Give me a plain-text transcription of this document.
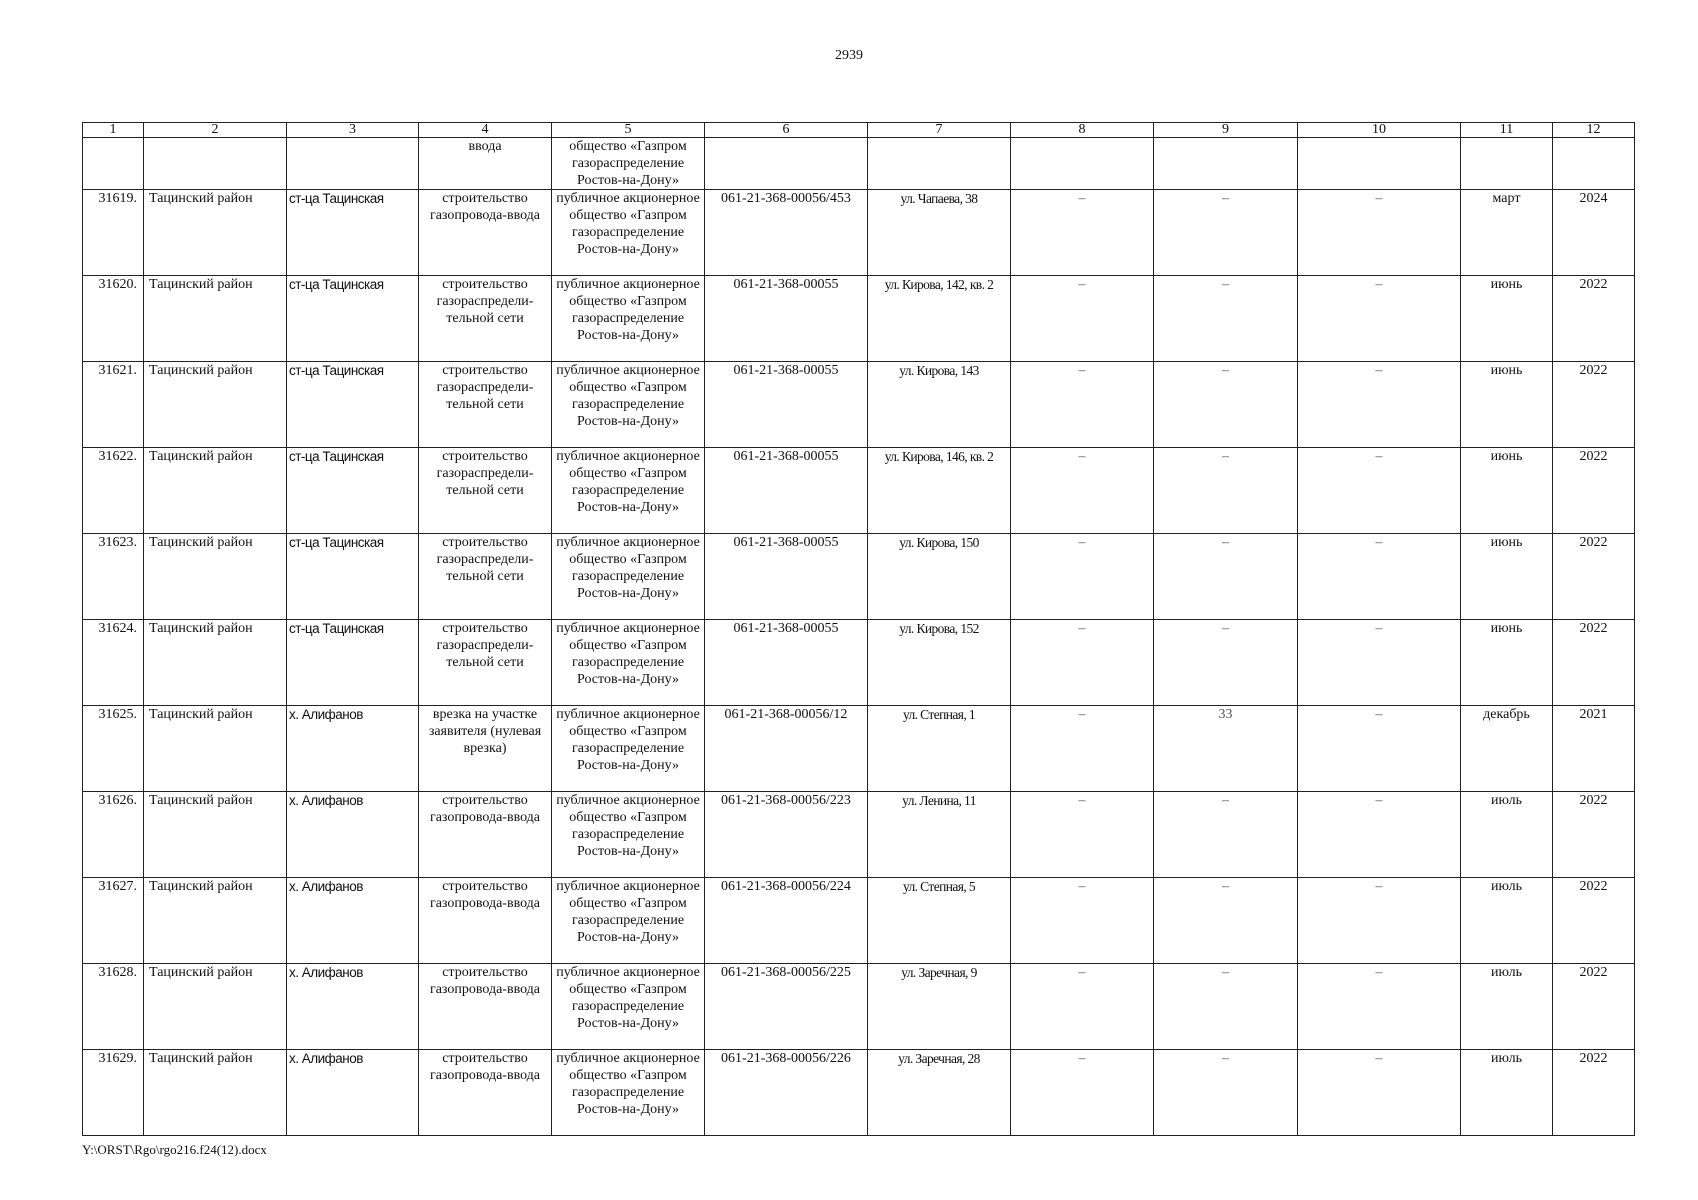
2939
1	2	3	4	5	6	7	8	9	10	11	12
			ввода	общество «Газпром газораспределение Ростов-на-Дону»							
31619.	Тацинский район	ст-ца Тацинская	строительство газопровода-ввода	публичное акционерное общество «Газпром газораспределение Ростов-на-Дону»	061-21-368-00056/453	ул. Чапаева, 38	–	–	–	март	2024
31620.	Тацинский район	ст-ца Тацинская	строительство газораспредели-тельной сети	публичное акционерное общество «Газпром газораспределение Ростов-на-Дону»	061-21-368-00055	ул. Кирова, 142, кв. 2	–	–	–	июнь	2022
31621.	Тацинский район	ст-ца Тацинская	строительство газораспредели-тельной сети	публичное акционерное общество «Газпром газораспределение Ростов-на-Дону»	061-21-368-00055	ул. Кирова, 143	–	–	–	июнь	2022
31622.	Тацинский район	ст-ца Тацинская	строительство газораспредели-тельной сети	публичное акционерное общество «Газпром газораспределение Ростов-на-Дону»	061-21-368-00055	ул. Кирова, 146, кв. 2	–	–	–	июнь	2022
31623.	Тацинский район	ст-ца Тацинская	строительство газораспредели-тельной сети	публичное акционерное общество «Газпром газораспределение Ростов-на-Дону»	061-21-368-00055	ул. Кирова, 150	–	–	–	июнь	2022
31624.	Тацинский район	ст-ца Тацинская	строительство газораспредели-тельной сети	публичное акционерное общество «Газпром газораспределение Ростов-на-Дону»	061-21-368-00055	ул. Кирова, 152	–	–	–	июнь	2022
31625.	Тацинский район	х. Алифанов	врезка на участке заявителя (нулевая врезка)	публичное акционерное общество «Газпром газораспределение Ростов-на-Дону»	061-21-368-00056/12	ул. Степная, 1	–	33	–	декабрь	2021
31626.	Тацинский район	х. Алифанов	строительство газопровода-ввода	публичное акционерное общество «Газпром газораспределение Ростов-на-Дону»	061-21-368-00056/223	ул. Ленина, 11	–	–	–	июль	2022
31627.	Тацинский район	х. Алифанов	строительство газопровода-ввода	публичное акционерное общество «Газпром газораспределение Ростов-на-Дону»	061-21-368-00056/224	ул. Степная, 5	–	–	–	июль	2022
31628.	Тацинский район	х. Алифанов	строительство газопровода-ввода	публичное акционерное общество «Газпром газораспределение Ростов-на-Дону»	061-21-368-00056/225	ул. Заречная, 9	–	–	–	июль	2022
31629.	Тацинский район	х. Алифанов	строительство газопровода-ввода	публичное акционерное общество «Газпром газораспределение Ростов-на-Дону»	061-21-368-00056/226	ул. Заречная, 28	–	–	–	июль	2022
Y:\ORST\Rgo\rgo216.f24(12).docx
